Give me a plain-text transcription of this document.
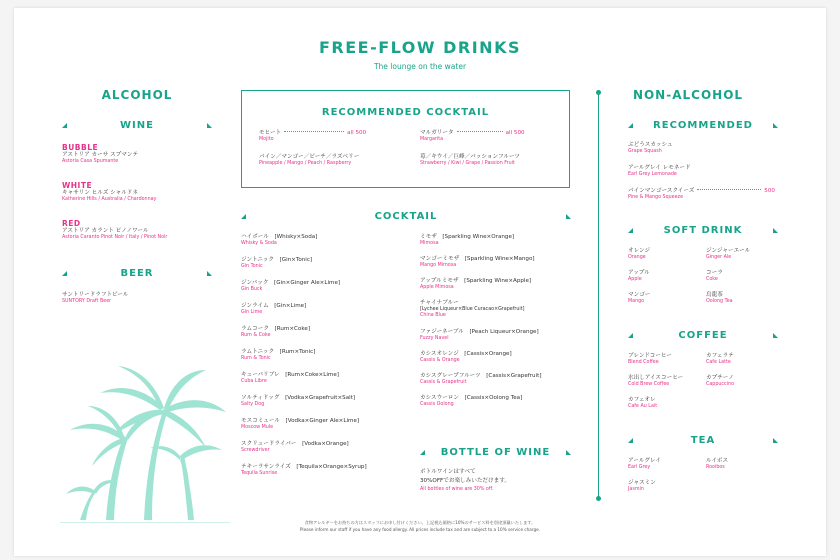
FREE-FLOW DRINKS
The lounge on the water
ALCOHOL
WINE
BUBBLE
アストリア カーサ スプマンテ
Astoria Casa Spumante
WHITE
キャサリン ヒルズ シャルドネ
Katherine Hills / Australia / Chardonnay
RED
アストリア カラント ピノノワール
Astoria Caranto Pinot Noir / Italy / Pinot Noir
BEER
サントリードラフトビール
SUNTORY Draft Beer
RECOMMENDED COCKTAIL
モヒート	all 500
Mojito
マルガリータ	all 500
Margarita
パイン／マンゴー／ピーチ／ラズベリー
Pineapple / Mango / Peach / Raspberry
苺／キウイ／巨峰／パッションフルーツ
Strawberry / Kiwi / Grape / Passion Fruit
COCKTAIL
BOTTLE OF WINE
ボトルワインはすべて
30%OFFでお楽しみいただけます。
All bottles of wine are 30% off.
NON-ALCOHOL
RECOMMENDED
ぶどうスカッシュ
Grape Squash
アールグレイ レモネード
Earl Grey Lemonade
パインマンゴースクイーズ	500
Pine & Mango Squeeze
SOFT DRINK
COFFEE
TEA
食物アレルギーをお持ちの方はスタッフにお申し付けください。上記税込価格に10%のサービス料を別途頂戴いたします。
Please inform our staff if you have any food allergy. All prices include tax and are subject to a 10% service charge.
ハイボール　[Whisky×Soda]
Whisky & Soda
ジントニック　[Gin×Tonic]
Gin Tonic
ジンバック　[Gin×Ginger Ale×Lime]
Gin Buck
ジンライム　[Gin×Lime]
Gin Lime
ラムコーク　[Rum×Coke]
Rum & Coke
ラムトニック　[Rum×Tonic]
Rum & Tonic
キューバリブレ　[Rum×Coke×Lime]
Cuba Libre
ソルティドッグ　[Vodka×Grapefruit×Salt]
Salty Dog
モスコミュール　[Vodka×Ginger Ale×Lime]
Moscow Mule
スクリュードライバー　[Vodka×Orange]
Screwdriver
テキーラサンライズ　[Tequila×Orange×Syrup]
Tequila Sunrise
ミモザ　[Sparkling Wine×Orange]
Mimosa
マンゴーミモザ　[Sparkling Wine×Mango]
Mango Mimosa
アップルミモザ　[Sparkling Wine×Apple]
Apple Mimosa
チャイナブルー
[Lychee Liqueur×Blue Curacao×Grapefruit]
China Blue
ファジーネーブル　[Peach Liqueur×Orange]
Fuzzy Navel
カシスオレンジ　[Cassis×Orange]
Cassis & Orange
カシスグレープフルーツ　[Cassis×Grapefruit]
Cassis & Grapefruit
カシスウーロン　[Cassis×Oolong Tea]
Cassis Oolong
オレンジ
Orange
ジンジャーエール
Ginger Ale
アップル
Apple
コーラ
Coke
マンゴー
Mango
烏龍茶
Oolong Tea
ブレンドコーヒー
Blend Coffee
カフェラテ
Cafe Latte
水出しアイスコーヒー
Cold Brew Coffee
カプチーノ
Cappuccino
カフェオレ
Cafe Au Lait
アールグレイ
Earl Grey
ルイボス
Rooibos
ジャスミン
Jasmin
